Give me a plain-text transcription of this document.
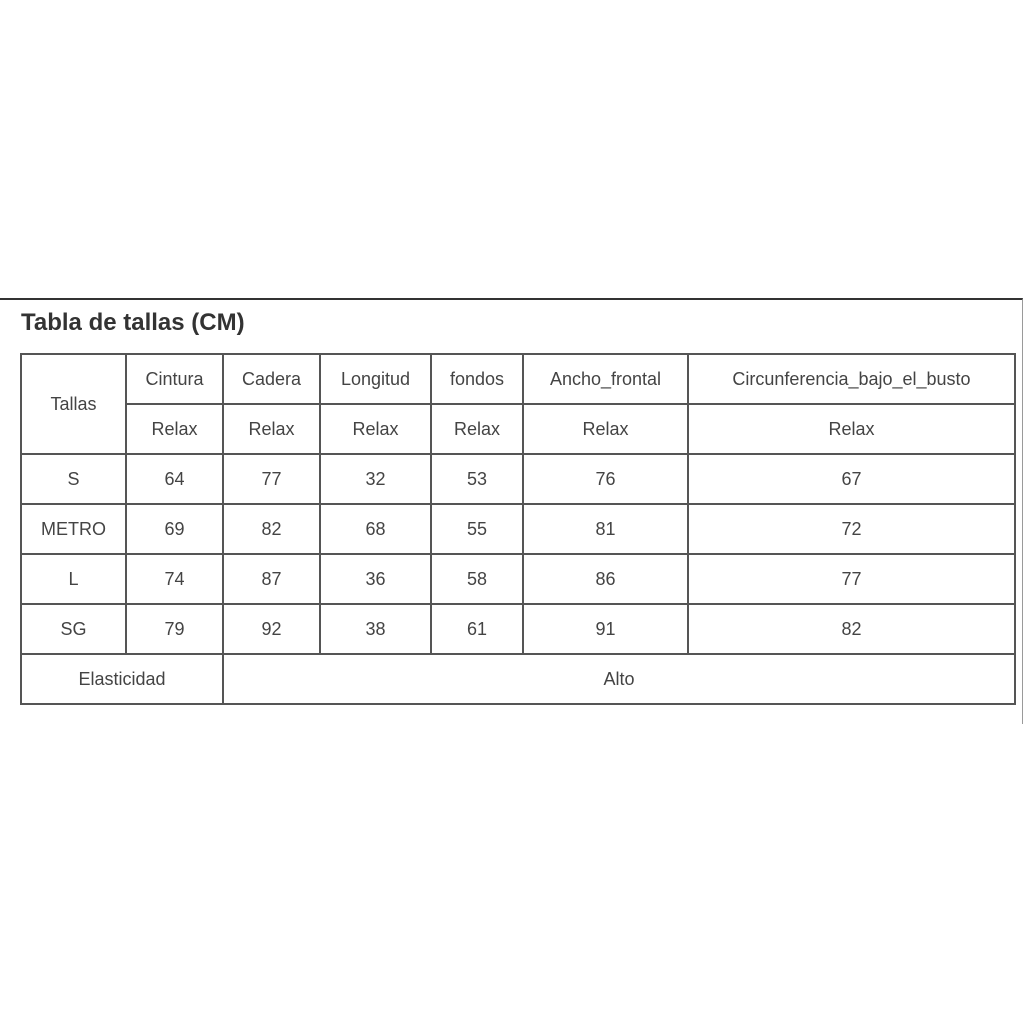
Tabla de tallas (CM)
Tallas	Cintura	Cadera	Longitud	fondos	Ancho_frontal	Circunferencia_bajo_el_busto
	Relax	Relax	Relax	Relax	Relax	Relax
S	64	77	32	53	76	67
METRO	69	82	68	55	81	72
L	74	87	36	58	86	77
SG	79	92	38	61	91	82
Elasticidad		Alto				
